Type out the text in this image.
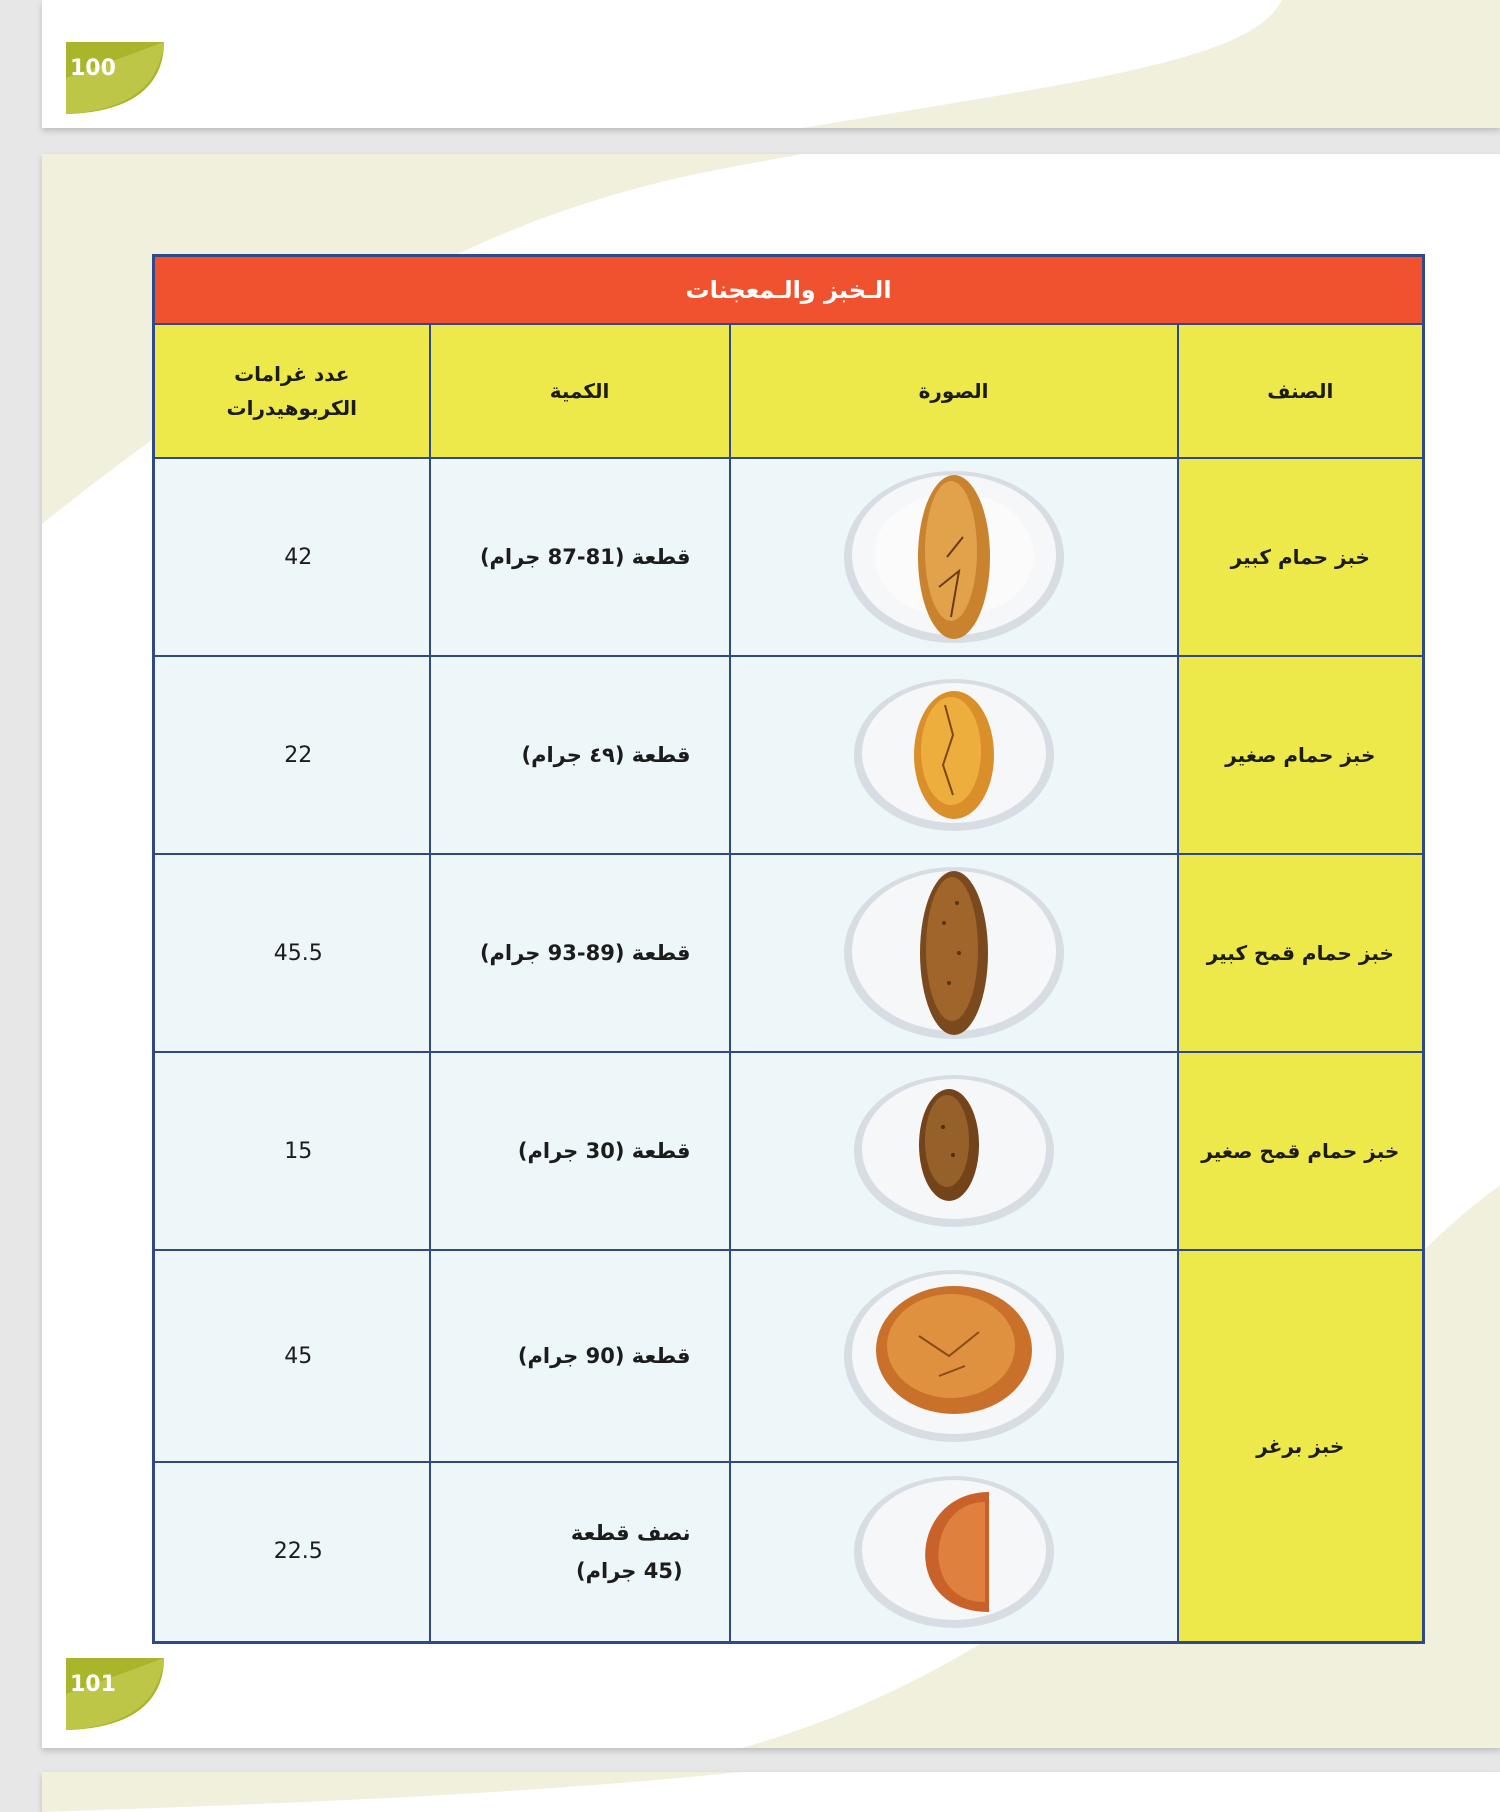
100
الـخبز والـمعجنات			
الصنف	الصورة	الكمية	عدد غرامات
الكربوهيدرات

خبز حمام كبير		قطعة (81-87 جرام)	42
خبز حمام صغير		قطعة (٤٩ جرام)	22
خبز حمام قمح كبير		قطعة (89-93 جرام)	45.5
خبز حمام قمح صغير		قطعة (30 جرام)	15
خبز برغر		قطعة (90 جرام)	45

نصف قطعة
(45 جرام)	22.5
101
